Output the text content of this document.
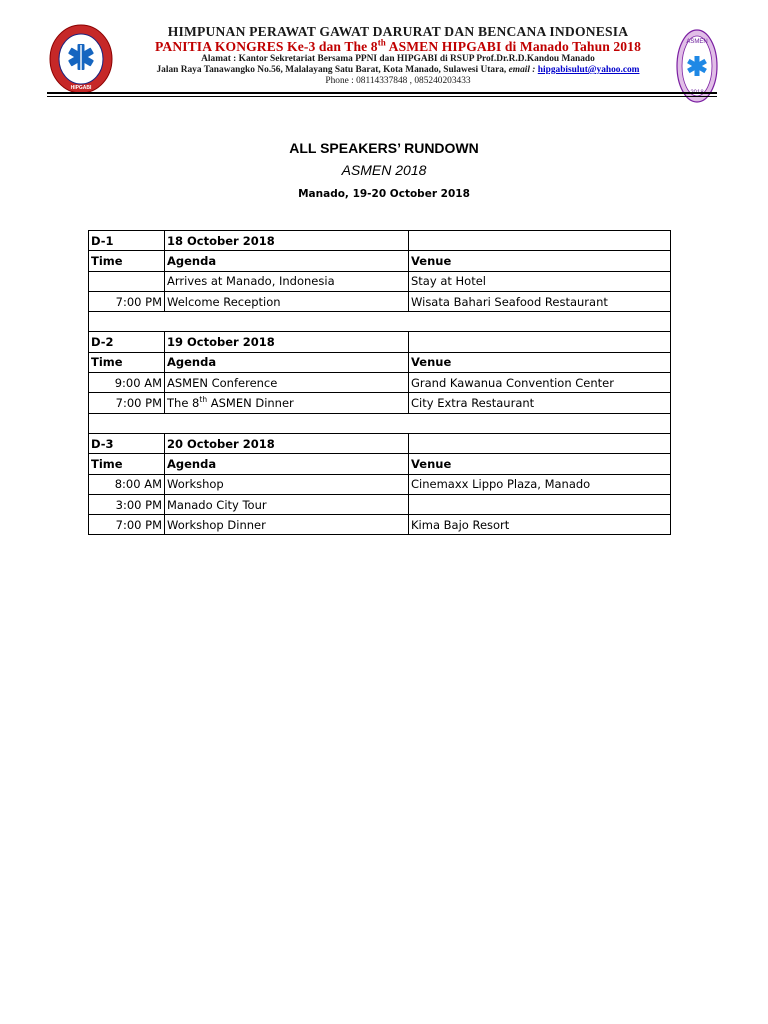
HIPGABI
HIMPUNAN PERAWAT GAWAT DARURAT DAN BENCANA INDONESIA
PANITIA KONGRES Ke-3 dan The 8th ASMEN HIPGABI di Manado Tahun 2018
Alamat : Kantor Sekretariat Bersama PPNI dan HIPGABI di RSUP Prof.Dr.R.D.Kandou Manado
Jalan Raya Tanawangko No.56, Malalayang Satu Barat, Kota Manado, Sulawesi Utara, email : hipgabisulut@yahoo.com
Phone : 08114337848 , 085240203433
ASMEN
2018
ALL SPEAKERS’ RUNDOWN
ASMEN 2018
Manado, 19-20 October 2018
D-1	18 October 2018	
Time	Agenda	Venue
	Arrives at Manado, Indonesia	Stay at Hotel
7:00 PM	Welcome Reception	Wisata Bahari Seafood Restaurant

D-2	19 October 2018	
Time	Agenda	Venue
9:00 AM	ASMEN Conference	Grand Kawanua Convention Center
7:00 PM	The 8th ASMEN Dinner	City Extra Restaurant

D-3	20 October 2018	
Time	Agenda	Venue
8:00 AM	Workshop	Cinemaxx Lippo Plaza, Manado
3:00 PM	Manado City Tour	
7:00 PM	Workshop Dinner	Kima Bajo Resort
